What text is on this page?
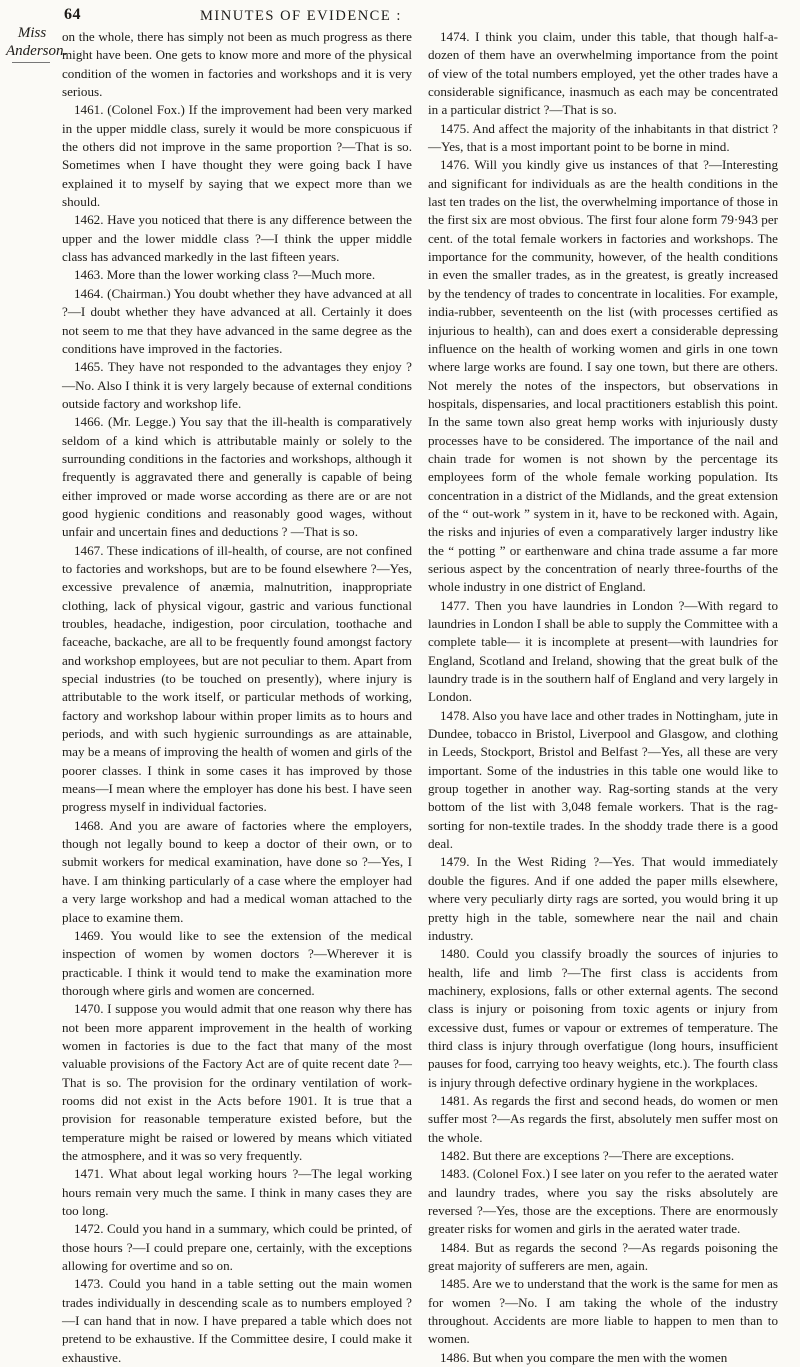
64	MINUTES OF EVIDENCE :
Miss
Anderson.

on the whole, there has simply not been as much progress as there might have been. One gets to know more and more of the physical condition of the women in factories and workshops and it is very serious.

1461. (Colonel Fox.) If the improvement had been very marked in the upper middle class, surely it would be more conspicuous if the others did not improve in the same proportion ?—That is so. Sometimes when I have thought they were going back I have explained it to myself by saying that we expect more than we should.

1462. Have you noticed that there is any difference between the upper and the lower middle class ?—I think the upper middle class has advanced markedly in the last fifteen years.

1463. More than the lower working class ?—Much more.

1464. (Chairman.) You doubt whether they have advanced at all ?—I doubt whether they have advanced at all. Certainly it does not seem to me that they have advanced in the same degree as the conditions have improved in the factories.

1465. They have not responded to the advantages they enjoy ?—No. Also I think it is very largely because of external conditions outside factory and workshop life.

1466. (Mr. Legge.) You say that the ill-health is comparatively seldom of a kind which is attributable mainly or solely to the surrounding conditions in the factories and workshops, although it frequently is aggravated there and generally is capable of being either improved or made worse according as there are or are not good hygienic conditions and reasonably good wages, without unfair and uncertain fines and deductions ? —That is so.

1467. These indications of ill-health, of course, are not confined to factories and workshops, but are to be found elsewhere ?—Yes, excessive prevalence of anæmia, malnutrition, inappropriate clothing, lack of physical vigour, gastric and various functional troubles, headache, indigestion, poor circulation, toothache and faceache, backache, are all to be frequently found amongst factory and workshop employees, but are not peculiar to them. Apart from special industries (to be touched on presently), where injury is attributable to the work itself, or particular methods of working, factory and workshop labour within proper limits as to hours and periods, and with such hygienic surroundings as are attainable, may be a means of improving the health of women and girls of the poorer classes. I think in some cases it has improved by those means—I mean where the employer has done his best. I have seen progress myself in individual factories.

1468. And you are aware of factories where the employers, though not legally bound to keep a doctor of their own, or to submit workers for medical examination, have done so ?—Yes, I have. I am thinking particularly of a case where the employer had a very large workshop and had a medical woman attached to the place to examine them.

1469. You would like to see the extension of the medical inspection of women by women doctors ?—Wherever it is practicable. I think it would tend to make the examination more thorough where girls and women are concerned.

1470. I suppose you would admit that one reason why there has not been more apparent improvement in the health of working women in factories is due to the fact that many of the most valuable provisions of the Factory Act are of quite recent date ?—That is so. The provision for the ordinary ventilation of work-rooms did not exist in the Acts before 1901. It is true that a provision for reasonable temperature existed before, but the temperature might be raised or lowered by means which vitiated the atmosphere, and it was so very frequently.

1471. What about legal working hours ?—The legal working hours remain very much the same. I think in many cases they are too long.

1472. Could you hand in a summary, which could be printed, of those hours ?—I could prepare one, certainly, with the exceptions allowing for overtime and so on.

1473. Could you hand in a table setting out the main women trades individually in descending scale as to numbers employed ?—I can hand that in now. I have prepared a table which does not pretend to be exhaustive. If the Committee desire, I could make it exhaustive.

1474. I think you claim, under this table, that though half-a-dozen of them have an overwhelming importance from the point of view of the total numbers employed, yet the other trades have a considerable significance, inasmuch as each may be concentrated in a particular district ?—That is so.

1475. And affect the majority of the inhabitants in that district ?—Yes, that is a most important point to be borne in mind.

1476. Will you kindly give us instances of that ?—Interesting and significant for individuals as are the health conditions in the last ten trades on the list, the overwhelming importance of those in the first six are most obvious. The first four alone form 79·943 per cent. of the total female workers in factories and workshops. The importance for the community, however, of the health conditions in even the smaller trades, as in the greatest, is greatly increased by the tendency of trades to concentrate in localities. For example, india-rubber, seventeenth on the list (with processes certified as injurious to health), can and does exert a considerable depressing influence on the health of working women and girls in one town where large works are found. I say one town, but there are others. Not merely the notes of the inspectors, but observations in hospitals, dispensaries, and local practitioners establish this point. In the same town also great hemp works with injuriously dusty processes have to be considered. The importance of the nail and chain trade for women is not shown by the percentage its employees form of the whole female working population. Its concentration in a district of the Midlands, and the great extension of the “ out-work ” system in it, have to be reckoned with. Again, the risks and injuries of even a comparatively larger industry like the “ potting ” or earthenware and china trade assume a far more serious aspect by the concentration of nearly three-fourths of the whole industry in one district of England.

1477. Then you have laundries in London ?—With regard to laundries in London I shall be able to supply the Committee with a complete table— it is incomplete at present—with laundries for England, Scotland and Ireland, showing that the great bulk of the laundry trade is in the southern half of England and very largely in London.

1478. Also you have lace and other trades in Nottingham, jute in Dundee, tobacco in Bristol, Liverpool and Glasgow, and clothing in Leeds, Stockport, Bristol and Belfast ?—Yes, all these are very important. Some of the industries in this table one would like to group together in another way. Rag-sorting stands at the very bottom of the list with 3,048 female workers. That is the rag-sorting for non-textile trades. In the shoddy trade there is a good deal.

1479. In the West Riding ?—Yes. That would immediately double the figures. And if one added the paper mills elsewhere, where very peculiarly dirty rags are sorted, you would bring it up pretty high in the table, somewhere near the nail and chain industry.

1480. Could you classify broadly the sources of injuries to health, life and limb ?—The first class is accidents from machinery, explosions, falls or other external agents. The second class is injury or poisoning from toxic agents or injury from excessive dust, fumes or vapour or extremes of temperature. The third class is injury through overfatigue (long hours, insufficient pauses for food, carrying too heavy weights, etc.). The fourth class is injury through defective ordinary hygiene in the workplaces.

1481. As regards the first and second heads, do women or men suffer most ?—As regards the first, absolutely men suffer most on the whole.

1482. But there are exceptions ?—There are exceptions.

1483. (Colonel Fox.) I see later on you refer to the aerated water and laundry trades, where you say the risks absolutely are reversed ?—Yes, those are the exceptions. There are enormously greater risks for women and girls in the aerated water trade.

1484. But as regards the second ?—As regards poisoning the great majority of sufferers are men, again.

1485. Are we to understand that the work is the same for men as for women ?—No. I am taking the whole of the industry throughout. Accidents are more liable to happen to men than to women.

1486. But when you compare the men with the women
